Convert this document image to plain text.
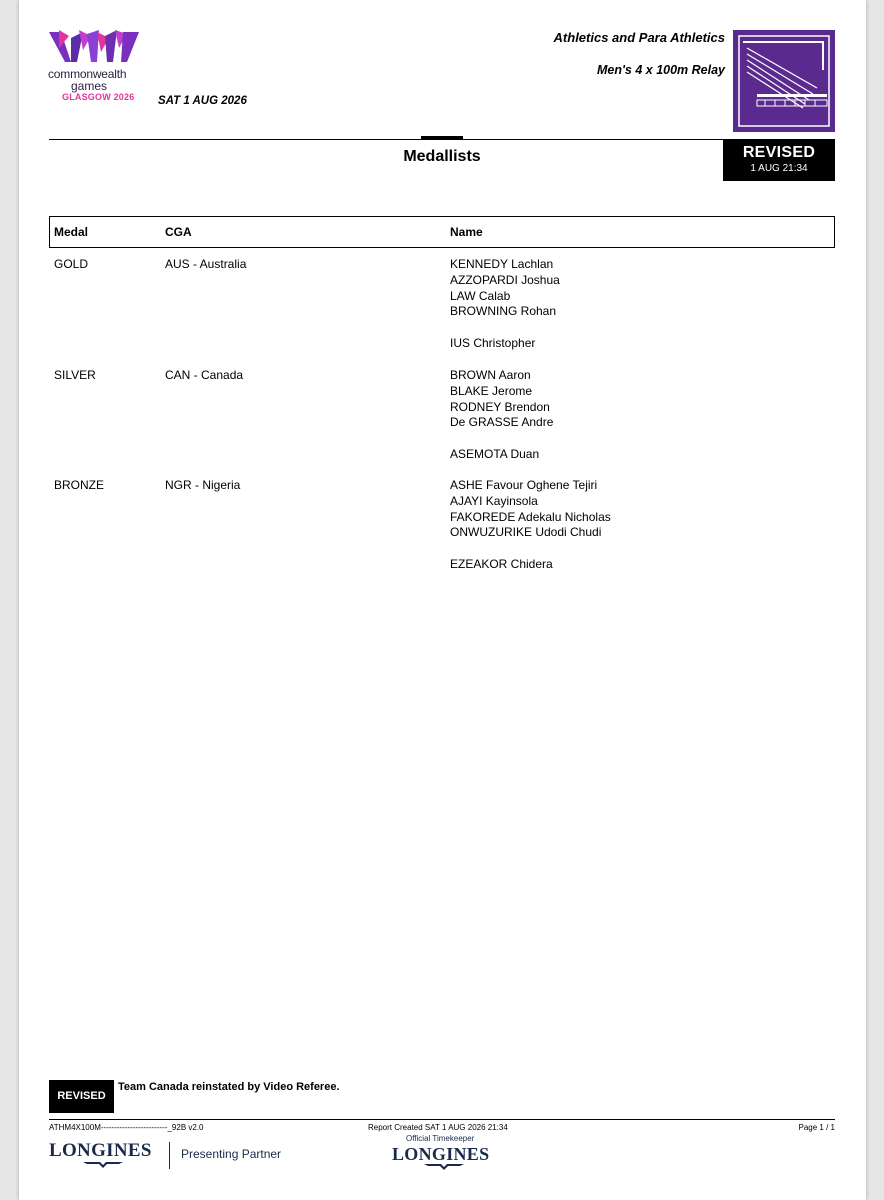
commonwealth
games
GLASGOW 2026 SAT 1 AUG 2026
Athletics and Para Athletics
Men's 4 x 100m Relay
Medallists	REVISED
1 AUG 21:34
Medal	CGA	Name
GOLD	AUS - Australia	KENNEDY Lachlan
AZZOPARDI Joshua
LAW Calab
BROWNING Rohan
IUS Christopher
SILVER	CAN - Canada	BROWN Aaron
BLAKE Jerome
RODNEY Brendon
De GRASSE Andre
ASEMOTA Duan
BRONZE	NGR - Nigeria	ASHE Favour Oghene Tejiri
AJAYI Kayinsola
FAKOREDE Adekalu Nicholas
ONWUZURIKE Udodi Chudi
EZEAKOR Chidera
REVISED
Team Canada reinstated by Video Referee.
ATHM4X100M-------------------------_92B v2.0	Report Created SAT 1 AUG 2026 21:34	Page 1 / 1
Official Timekeeper
LONGINES Presenting Partner	LONGINES
